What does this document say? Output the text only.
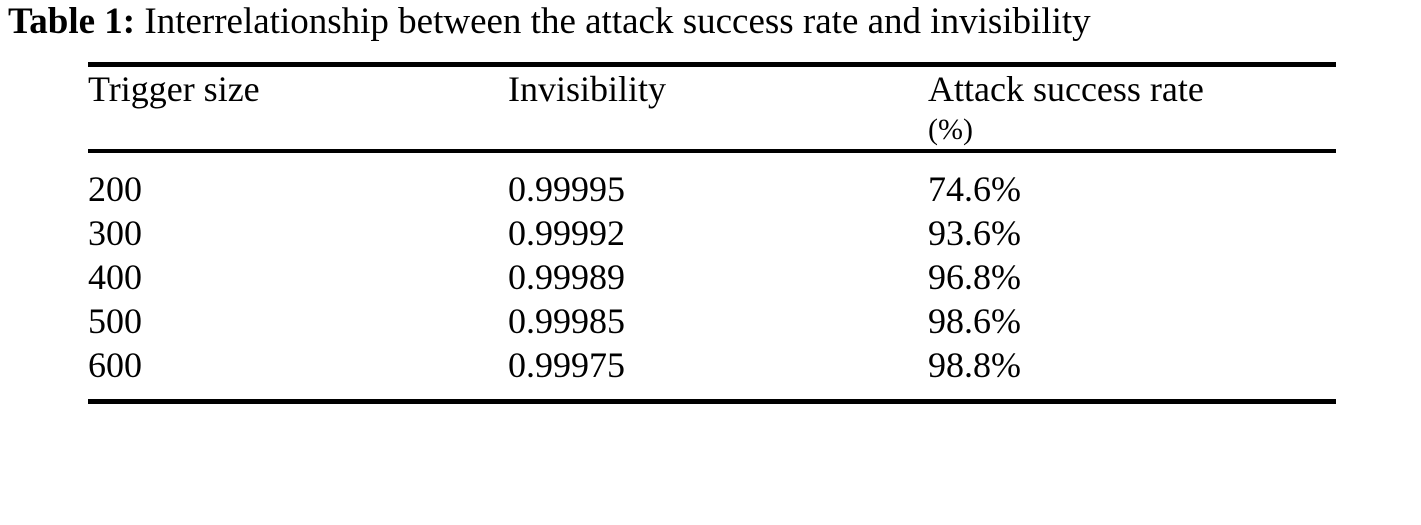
Table 1: Interrelationship between the attack success rate and invisibility

Trigger size	Invisibility	Attack success rate
(%)

200	0.99995	74.6%
300	0.99992	93.6%
400	0.99989	96.8%
500	0.99985	98.6%
600	0.99975	98.8%
